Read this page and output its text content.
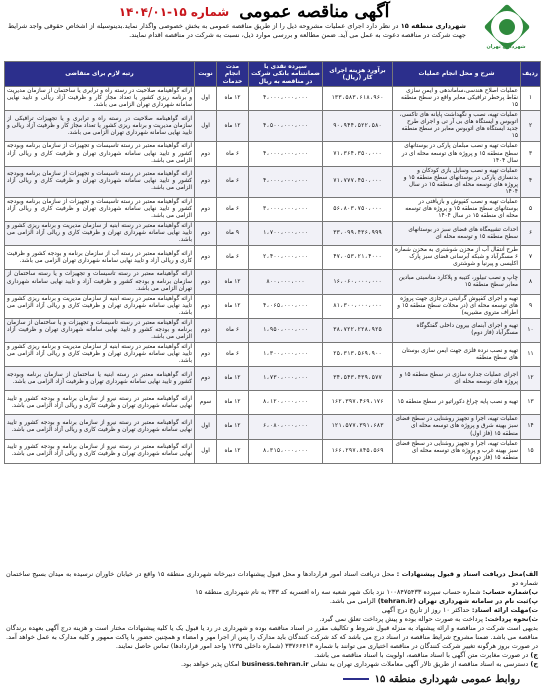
شهرداری تهران
آگهی مناقصه عمومی
شماره ۱۵-۱۴۰۴/۰۱
شهرداری منطقه ۱۵ در نظر دارد اجرای عملیات مشروحه ذیل را از طریق مناقصه عمومی به بخش خصوصی واگذار نماید.بدینوسیله از اشخاص حقوقی واجد شرایط جهت شرکت در مناقصه دعوت به عمل می آید. ضمن مطالعه و بررسی موارد ذیل، نسبت به شرکت در مناقصه اقدام نمایند.
ردیف	شرح و محل انجام عملیات	برآورد هزینه اجرای کار (ریال)	سپرده نقدی یا ضمانتنامه بانکی شرکت در مناقصه به ریال	مدت انجام خدمات	نوبت	رتبه لازم برای متقاضی
۱	عملیات اصلاح هندسی،ساماندهی و ایمن سازی نقاط پرخطر ترافیکی معابر واقع در سطح منطقه ۱۵	۱۳۳،۵۸۳،۶۱۸،۹۶۰	۴،۰۰۰،۰۰۰،۰۰۰	۱۲ ماه	اول	ارائه گواهینامه صلاحیت در رسته راه و ترابری یا ساختمان از سازمان مدیریت و برنامه ریزی کشور یا تعداد مجاز کار و ظرفیت آزاد ریالی و تایید نهایی سامانه شهرداری تهران الزامی می باشد.
۲	عملیات تهیه، نصب و نگهداشت پایانه های تاکسی، اتوبوس و ایستگاه های بی آر تی و اجرای طرح جدید ایستگاه های اتوبوس معابر در سطح منطقه ۱۵	۹۰،۹۴۴،۵۲۲،۵۸۰	۴،۵۰۰،۰۰۰،۰۰۰	۱۲ ماه	اول	ارائه گواهینامه صلاحیت در رسته راه و ترابری و یا تجهیزات ترافیکی از سازمان مدیریت و برنامه ریزی کشور یا تعداد مجاز کار و ظرفیت آزاد ریالی و تایید نهایی سامانه شهرداری تهران الزامی می باشد.
۳	عملیات تهیه و نصب مبلمان پارکی در بوستانهای سطح منطقه ۱۵ و پروژه های توسعه محله ای در سال ۱۴۰۴	۷۱،۳۶۴،۳۵۰،۰۰۰	۴،۰۰۰،۰۰۰،۰۰۰	۶ ماه	دوم	ارائه گواهینامه معتبر در رسته تاسیسات و تجهیزات از سازمان برنامه وبودجه کشور و تایید نهایی سامانه شهرداری تهران و ظرفیت کاری و ریالی آزاد الزامی می باشد.
۴	عملیات تهیه و نصب وسایل بازی کودکان و بدنسازی پارکی در بوستانهای سطح منطقه ۱۵ و پروژه های توسعه محله ای منطقه ۱۵ در سال ۱۴۰۴	۷۱،۷۷۷،۴۵۰،۰۰۰	۴،۰۰۰،۰۰۰،۰۰۰	۶ ماه	دوم	ارائه گواهینامه معتبر در رسته تاسیسات و تجهیزات از سازمان برنامه وبودجه کشور و تایید نهایی سامانه شهرداری تهران و ظرفیت کاری و ریالی آزاد الزامی می باشد.
۵	عملیات تهیه و نصب کفپوش و بازیافتی در بوستانهای سطح منطقه ۱۵ و پروژه های توسعه محله ای منطقه ۱۵ در سال ۱۴۰۴	۵۶،۸۰۳،۷۵۰،۰۰۰	۳،۰۰۰،۰۰۰،۰۰۰	۶ ماه	دوم	ارائه گواهینامه معتبر در رسته تاسیسات و تجهیزات از سازمان برنامه وبودجه کشور و تایید نهایی سامانه شهرداری تهران و ظرفیت کاری و ریالی آزاد الزامی می باشد.
۶	احداث تشییعگاه های فضای سبز در بوستانهای سطح منطقه ۱۵ و توسعه محله ای	۳۳،۰۹۹،۴۳۶،۹۹۹	۱،۷۰۰،۰۰۰،۰۰۰	۹ ماه	دوم	ارائه گواهینامه معتبر در رسته ابنیه از سازمان مدیریت و برنامه ریزی کشور و تایید نهایی سامانه شهرداری تهران و ظرفیت کاری و ریالی آزاد الزامی می باشد.
۷	طرح انتقال آب از مخزن شوشتری به مخزن شماره ۶ مسگرآباد و شبکه آبرسانی فضای سبز پارک اکلیسی و پیرنیا و شوشتری	۴۷،۰۵۳،۲۱،۴۰۰۰	۲،۴۰۰،۰۰۰،۰۰۰	۶ ماه	دوم	ارائه گواهینامه معتبر در رسته آب از سازمان برنامه و بودجه کشور و ظرفیت کاری و ریالی آزاد و تایید نهایی سامانه شهرداری تهران الزامی می باشد.
۸	چاپ و نصب تبیلور، کتیبه و پلاکارد مناسبتی مبادین معابر سطح منطقه ۱۵	۱۶،۰۶۰،۰۰۰،۰۰۰	۸۰۰،۰۰۰،۰۰۰	۱۲ ماه	دوم	ارائه گواهینامه معتبر در رسته تاسیسات و تجهیزات و یا رسته ساختمان از سازمان برنامه و بودجه کشور و ظرفیت آزاد و تایید نهایی سامانه شهرداری تهران الزامی می باشد.
۹	تهیه و اجرای کفپوش گرانیتی درجازی جهت پروژه های توسعه محله ای (در محلات سطح منطقه ۱۵ و اطراف متروی مشیریه)	۸۱،۳۰۰،۰۰۰،۰۰۰	۴،۰۶۵،۰۰۰،۰۰۰	۱۲ ماه	دوم	ارائه گواهینامه معتبر در رسته ابنیه از سازمان مدیریت و برنامه ریزی کشور و تایید نهایی سامانه شهرداری تهران و ظرفیت کاری و ریالی آزاد الزامی می باشد.
۱۰	تهیه و اجرای آبنمای بیرون داخلی گفتگوگاه مسگرآباد (فاز دوم)	۳۸،۷۲۲،۲۲۸،۹۲۵	۱،۹۵۰،۰۰۰،۰۰۰	۶ ماه	دوم	ارائه گواهینامه معتبر در رسته تاسیسات و تجهیزات و یا ساختمان از سازمان برنامه و بودجه کشور و تایید نهایی سامانه شهرداری تهران و ظرفیت آزاد الزامی می باشد.
۱۱	تهیه و نصب نرده فلزی جهت ایمن سازی بوستان های سطح منطقه	۲۵،۳۱۳،۵۶۹،۹۰۰	۱،۳۰۰،۰۰۰،۰۰۰	۶ ماه	دوم	ارائه گواهینامه معتبر در رسته ابنیه از سازمان مدیریت و برنامه ریزی کشور و تایید نهایی سامانه شهرداری تهران و ظرفیت کاری و ریالی آزاد الزامی می باشد.
۱۲	اجرای عملیات جداره سازی در سطح منطقه ۱۵ و پروژه های توسعه محله ای	۳۴،۵۴۳،۴۳۹،۵۷۷	۱،۷۳۰،۰۰۰،۰۰۰	۱۲ ماه	دوم	ارائه گواهینامه معتبر در رسته ابنیه یا ساختمان از سازمان برنامه وبودجه کشور و تایید نهایی سامانه شهرداری تهران و ظرفیت آزاد الزامی می باشد.
۱۳	تهیه و نصب پایه چراغ دکوراتیو در سطح منطقه ۱۵	۱۶۲،۳۹۷،۴۶۹،۱۷۶	۸،۱۲۰،۰۰۰،۰۰۰	۱۲ ماه	سوم	ارائه گواهینامه معتبر در رسته نیرو از سازمان برنامه و بودجه کشور و تایید نهایی سامانه شهرداری تهران و ظرفیت کاری و ریالی آزاد الزامی می باشد.
۱۴	عملیات تهیه، اجرا و تجهیز روشنایی در سطح فضای سبز بهینه شرق و پروژه های توسعه محله ای منطقه ۱۵ (فاز اول)	۱۲۱،۵۷۷،۳۹۱،۶۸۳	۶،۰۸۰،۰۰۰،۰۰۰	۱۲ ماه	اول	ارائه گواهینامه معتبر در رسته نیرو از سازمان برنامه و بودجه کشور و تایید نهایی سامانه شهرداری تهران و ظرفیت کاری و ریالی آزاد الزامی می باشد.
۱۵	عملیات تهیه، اجرا و تجهیز روشنایی در سطح فضای سبز بهینه غرب و پروژه های توسعه محله ای منطقه ۱۵ (فاز دوم)	۱۶۶،۲۹۷،۸۴۵،۵۶۹	۸،۳۱۵،۰۰۰،۰۰۰	۱۲ ماه	اول	ارائه گواهینامه معتبر در رسته نیرو از سازمان برنامه و بودجه کشور و تایید نهایی سامانه شهرداری تهران و ظرفیت کاری و ریالی آزاد الزامی می باشد.
الف)محل دریافت اسناد و قبول پیشنهادات : محل دریافت اسناد امور قراردادها و محل قبول پیشنهادات دبیرخانه شهرداری منطقه ۱۵ واقع در خیابان خاوران نرسیده به میدان بسیج ساختمان شماره دو
ب)شماره حساب: شماره حساب سپرده ۱۰۰۸۴۷۵۴۳۳ نزد بانک شهر شعبه سه راه افسریه کد ۲۳۳ به نام شهرداری منطقه ۱۵
پ)ثبت نام در سامانه شهرداری تهران (tehran.ir) الزامی می باشد.
ت)مهلت ارائه اسناد: حداکثر ۱۰ روز از تاریخ درج آگهی
ث)نحوه پرداخت: پرداخت به صورت حواله بوده و پیش پرداخت تعلق نمی گیرد.
بدیهی است شرکت در مناقصه و ارائه پیشنهاد به منزله قبول شروط و تکالیف مقرر در اسناد مناقصه بوده و شهرداری در رد یا قبول یک یا کلیه پیشنهادات مختار است و هزینه درج آگهی بعهده برندگان مناقصه می باشد. ضمنا مشروح شرایط مناقصه در اسناد درج می باشد که کد شرکت کنندگان باید مدارک را پس از اجرا مهر و امضاء و همچنین حضور با پاکت ممهور و کلیه مدارک به عمل خواهد آمد. در صورت بروز هرگونه تغییر شرکت کنندگان در مناقصه اختیاری می توانند با شماره ۳۳۷۶۶۴۱۳ (شماره داخلی ۱۲۳۵ واحد امور قراردادها) تماس حاصل نمایند.
ج) در صورت مغایرت متن آگهی با اسناد مناقصه، اولویت با اسناد مناقصه می باشد.
ح) دسترسی به اسناد مناقصه از طریق تالار آگهی معاملات شهرداری تهران به نشانی business.tehran.ir امکان پذیر خواهد بود.
روابط عمومی شهرداری منطقه ۱۵
